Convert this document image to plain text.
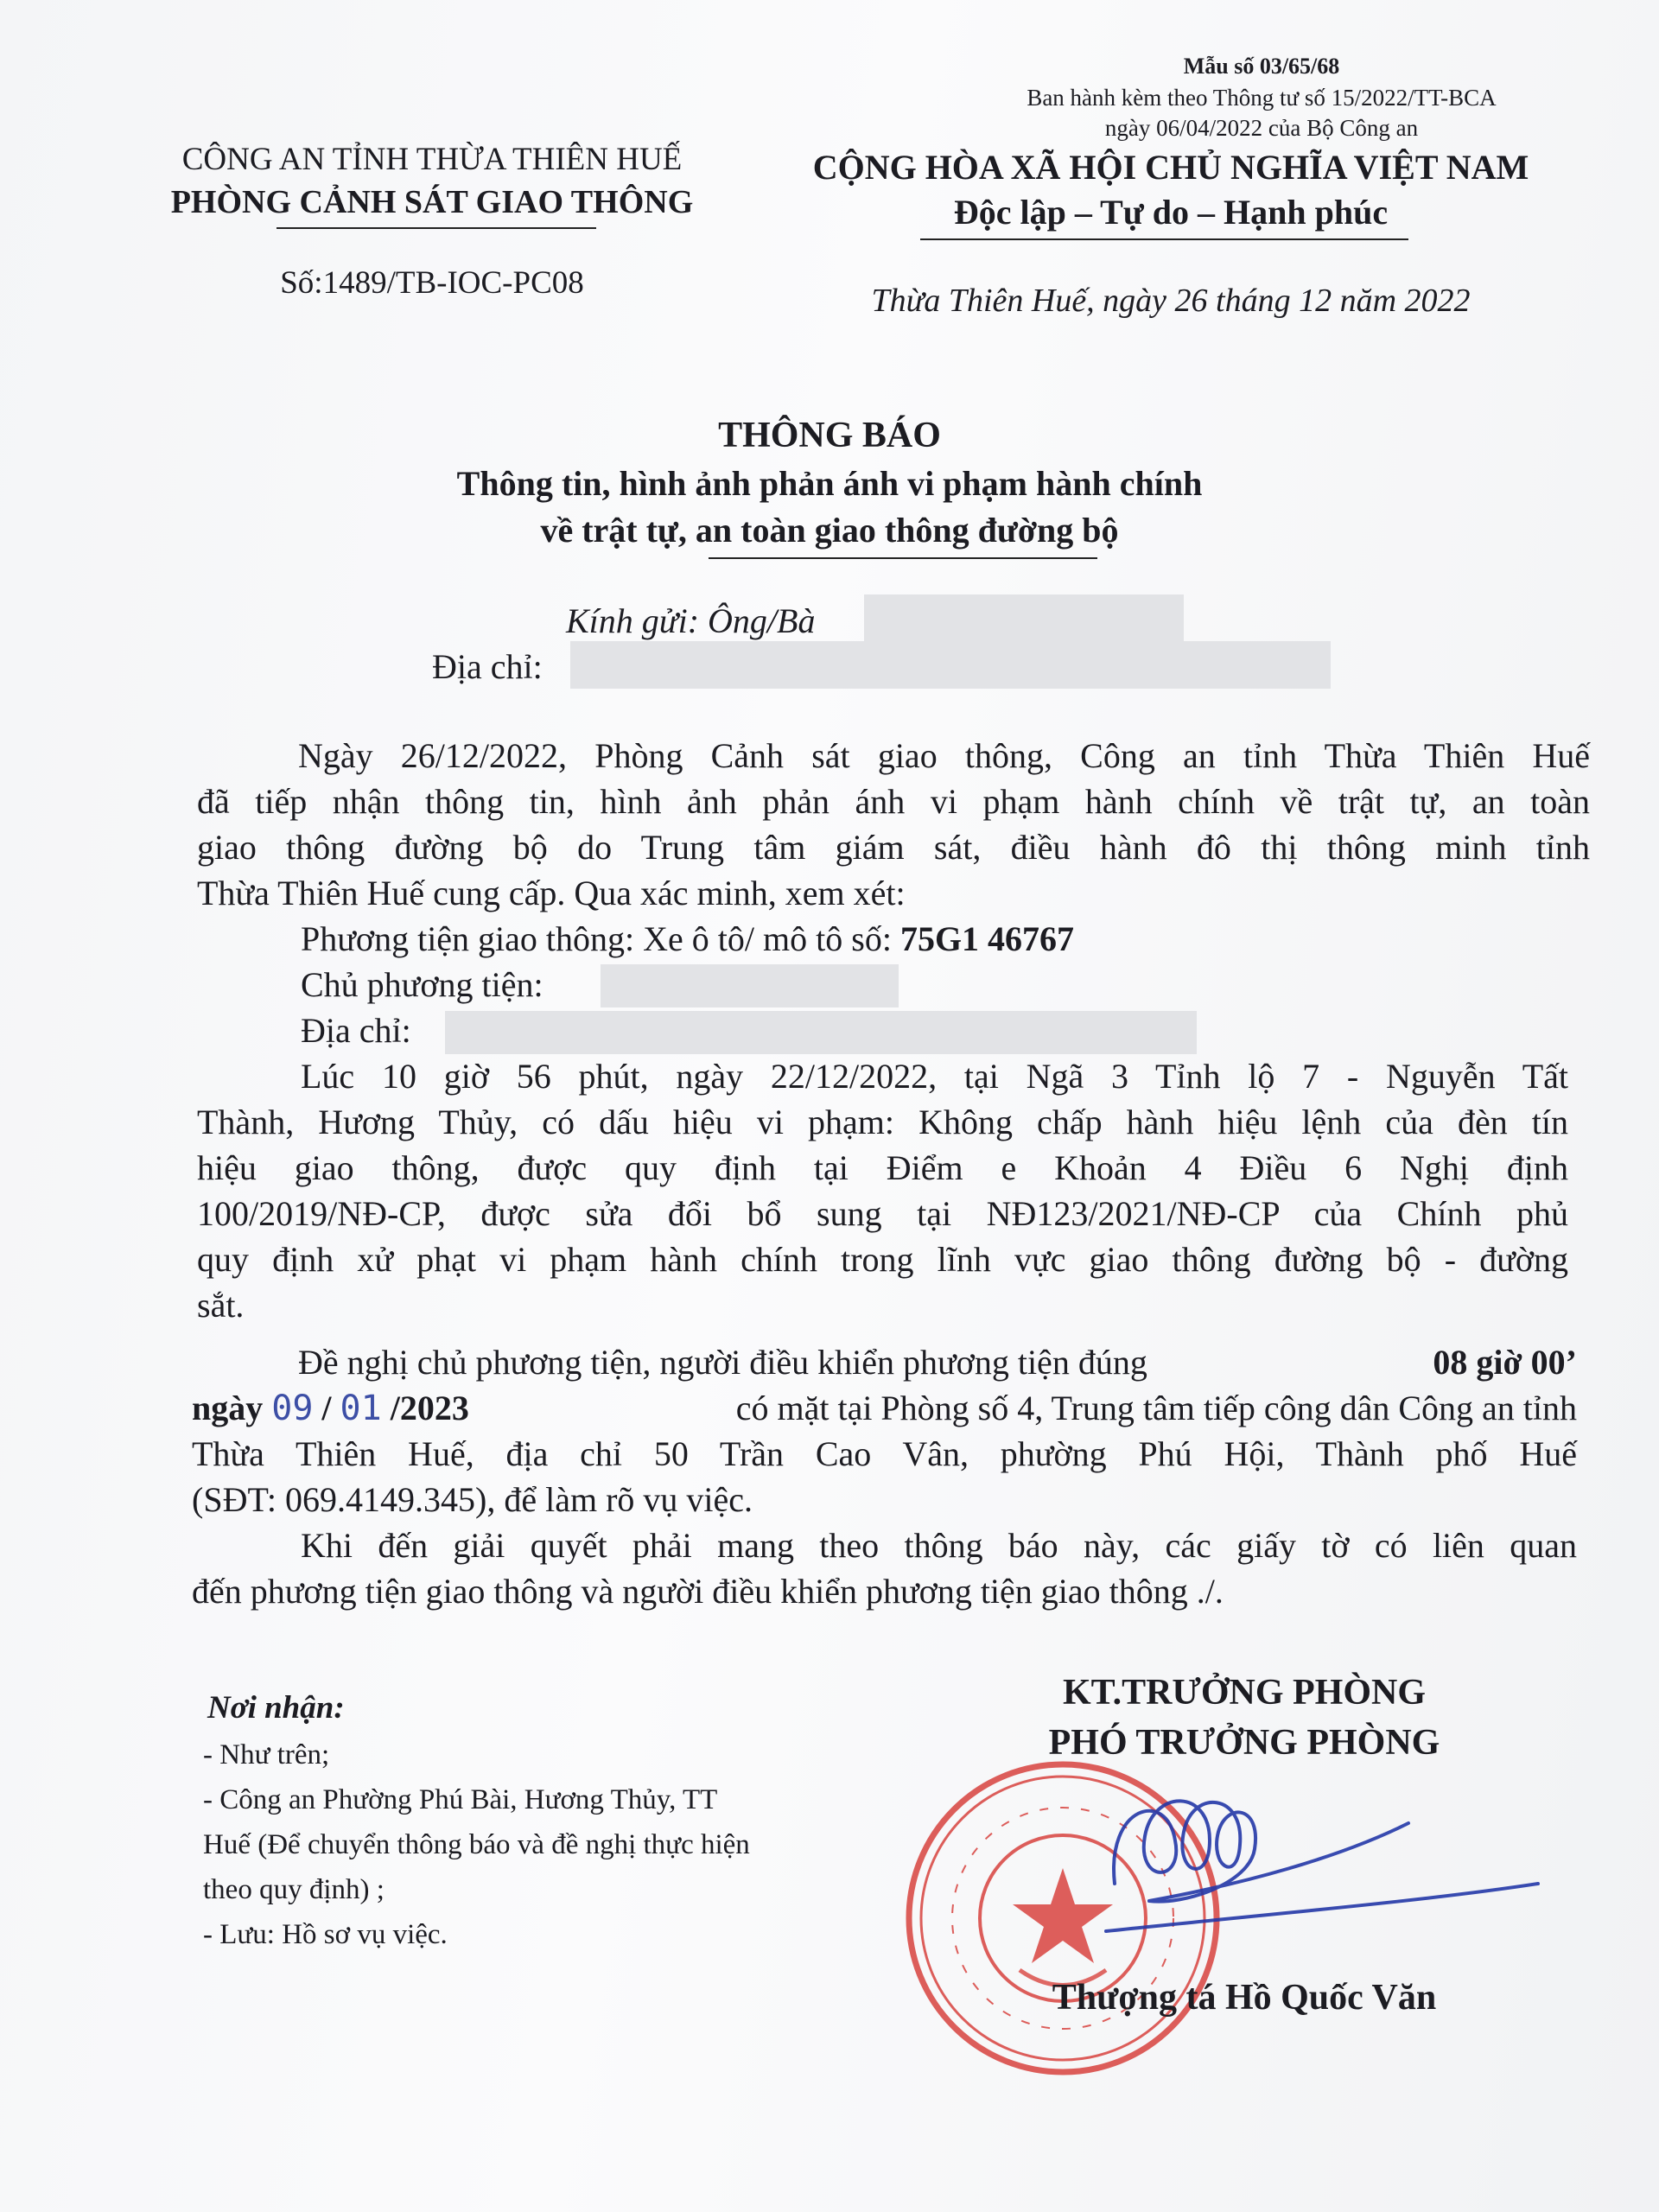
Mẫu số 03/65/68
Ban hành kèm theo Thông tư số 15/2022/TT-BCA
ngày 06/04/2022 của Bộ Công an
CÔNG AN TỈNH THỪA THIÊN HUẾ
PHÒNG CẢNH SÁT GIAO THÔNG
CỘNG HÒA XÃ HỘI CHỦ NGHĨA VIỆT NAM
Độc lập – Tự do – Hạnh phúc
Số:1489/TB-IOC-PC08	Thừa Thiên Huế, ngày 26 tháng 12 năm 2022
THÔNG BÁO
Thông tin, hình ảnh phản ánh vi phạm hành chính
về trật tự, an toàn giao thông đường bộ
Kính gửi: Ông/Bà
Địa chỉ:
Ngày 26/12/2022, Phòng Cảnh sát giao thông, Công an tỉnh Thừa Thiên Huế
đã tiếp nhận thông tin, hình ảnh phản ánh vi phạm hành chính về trật tự, an toàn
giao thông đường bộ do Trung tâm giám sát, điều hành đô thị thông minh tỉnh
Thừa Thiên Huế cung cấp. Qua xác minh, xem xét:
Phương tiện giao thông: Xe ô tô/ mô tô số: 75G1 46767
Chủ phương tiện:
Địa chỉ:
Lúc 10 giờ 56 phút, ngày 22/12/2022, tại Ngã 3 Tỉnh lộ 7 - Nguyễn Tất
Thành, Hương Thủy, có dấu hiệu vi phạm: Không chấp hành hiệu lệnh của đèn tín
hiệu giao thông, được quy định tại Điểm e Khoản 4 Điều 6 Nghị định
100/2019/NĐ-CP, được sửa đổi bổ sung tại NĐ123/2021/NĐ-CP của Chính phủ
quy định xử phạt vi phạm hành chính trong lĩnh vực giao thông đường bộ - đường
sắt.
Đề nghị chủ phương tiện, người điều khiển phương tiện đúng	08 giờ 00’
ngày 09 / 01 /2023	có mặt tại Phòng số 4, Trung tâm tiếp công dân Công an tỉnh
Thừa Thiên Huế, địa chỉ 50 Trần Cao Vân, phường Phú Hội, Thành phố Huế
(SĐT: 069.4149.345), để làm rõ vụ việc.
Khi đến giải quyết phải mang theo thông báo này, các giấy tờ có liên quan
đến phương tiện giao thông và người điều khiển phương tiện giao thông ./.
Nơi nhận:
- Như trên;
- Công an Phường Phú Bài, Hương Thủy, TT
Huế (Để chuyển thông báo và đề nghị thực hiện
theo quy định) ;
- Lưu: Hồ sơ vụ việc.
KT.TRƯỞNG PHÒNG
PHÓ TRƯỞNG PHÒNG
Thượng tá Hồ Quốc Văn
